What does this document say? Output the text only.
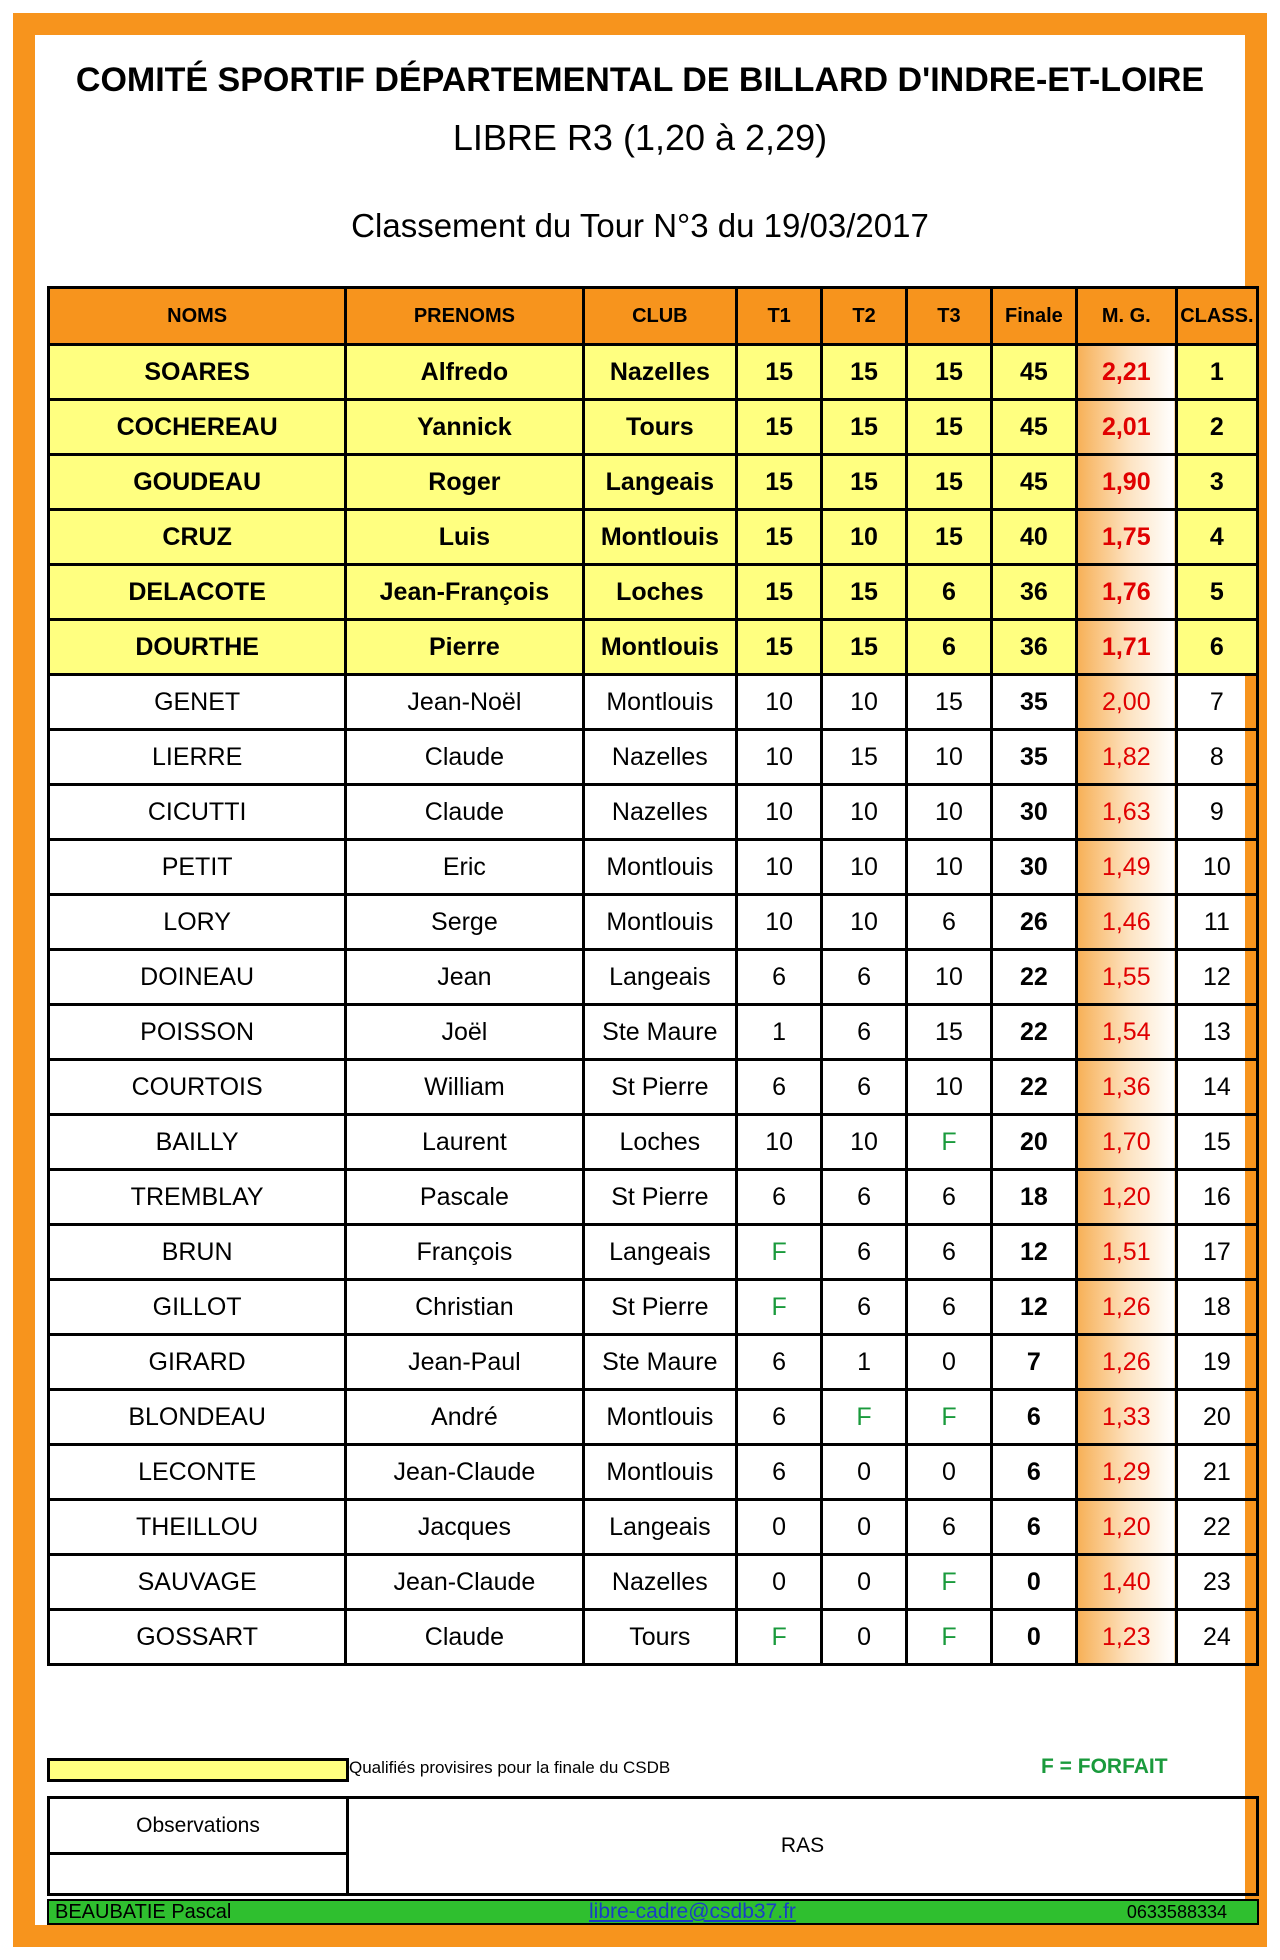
COMITÉ SPORTIF DÉPARTEMENTAL DE BILLARD D'INDRE-ET-LOIRE
LIBRE R3 (1,20 à 2,29)
Classement du Tour N°3 du 19/03/2017
NOMS	PRENOMS	CLUB	T1	T2	T3	Finale	M. G.	CLASS.
SOARES	Alfredo	Nazelles	15	15	15	45	2,21	1
COCHEREAU	Yannick	Tours	15	15	15	45	2,01	2
GOUDEAU	Roger	Langeais	15	15	15	45	1,90	3
CRUZ	Luis	Montlouis	15	10	15	40	1,75	4
DELACOTE	Jean-François	Loches	15	15	6	36	1,76	5
DOURTHE	Pierre	Montlouis	15	15	6	36	1,71	6
GENET	Jean-Noël	Montlouis	10	10	15	35	2,00	7
LIERRE	Claude	Nazelles	10	15	10	35	1,82	8
CICUTTI	Claude	Nazelles	10	10	10	30	1,63	9
PETIT	Eric	Montlouis	10	10	10	30	1,49	10
LORY	Serge	Montlouis	10	10	6	26	1,46	11
DOINEAU	Jean	Langeais	6	6	10	22	1,55	12
POISSON	Joël	Ste Maure	1	6	15	22	1,54	13
COURTOIS	William	St Pierre	6	6	10	22	1,36	14
BAILLY	Laurent	Loches	10	10	F	20	1,70	15
TREMBLAY	Pascale	St Pierre	6	6	6	18	1,20	16
BRUN	François	Langeais	F	6	6	12	1,51	17
GILLOT	Christian	St Pierre	F	6	6	12	1,26	18
GIRARD	Jean-Paul	Ste Maure	6	1	0	7	1,26	19
BLONDEAU	André	Montlouis	6	F	F	6	1,33	20
LECONTE	Jean-Claude	Montlouis	6	0	0	6	1,29	21
THEILLOU	Jacques	Langeais	0	0	6	6	1,20	22
SAUVAGE	Jean-Claude	Nazelles	0	0	F	0	1,40	23
GOSSART	Claude	Tours	F	0	F	0	1,23	24
Qualifiés provisires pour la finale du CSDB	F = FORFAIT
Observations
RAS
BEAUBATIE Pascal	libre-cadre@csdb37.fr	0633588334
